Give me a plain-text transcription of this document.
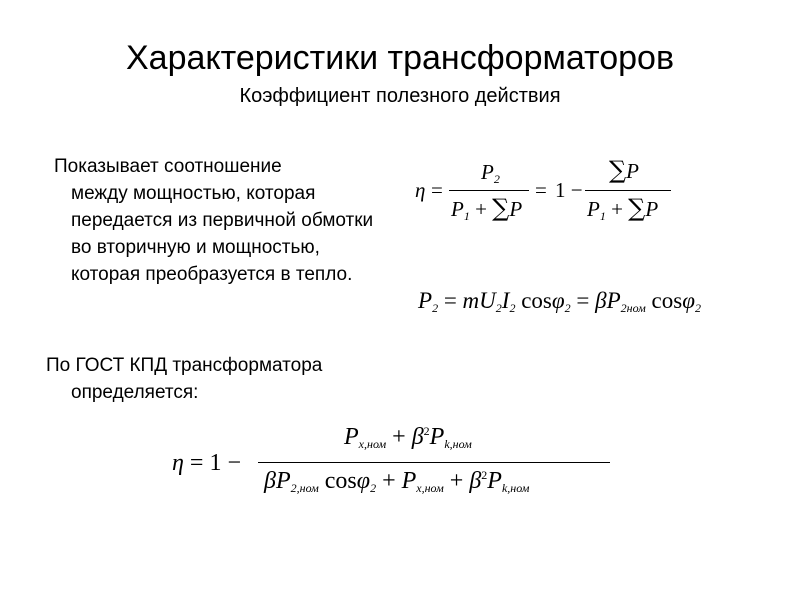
Характеристики трансформаторов
Коэффициент полезного действия
Показывает соотношение
между мощностью, которая передается из первичной обмотки во вторичную и мощностью, которая преобразуется в тепло.
По ГОСТ КПД трансформатора
определяется:
η =
P2
P1 + ∑P
= 1 −
∑P
P1 + ∑P
P2 = mU2I2 cosφ2 = βP2ном cosφ2
η = 1 −
$Px,ном + \beta^2Pk,ном$
βP2,ном $\cos\varphi 2 + Px,ном + \beta^2Pk,ном$
